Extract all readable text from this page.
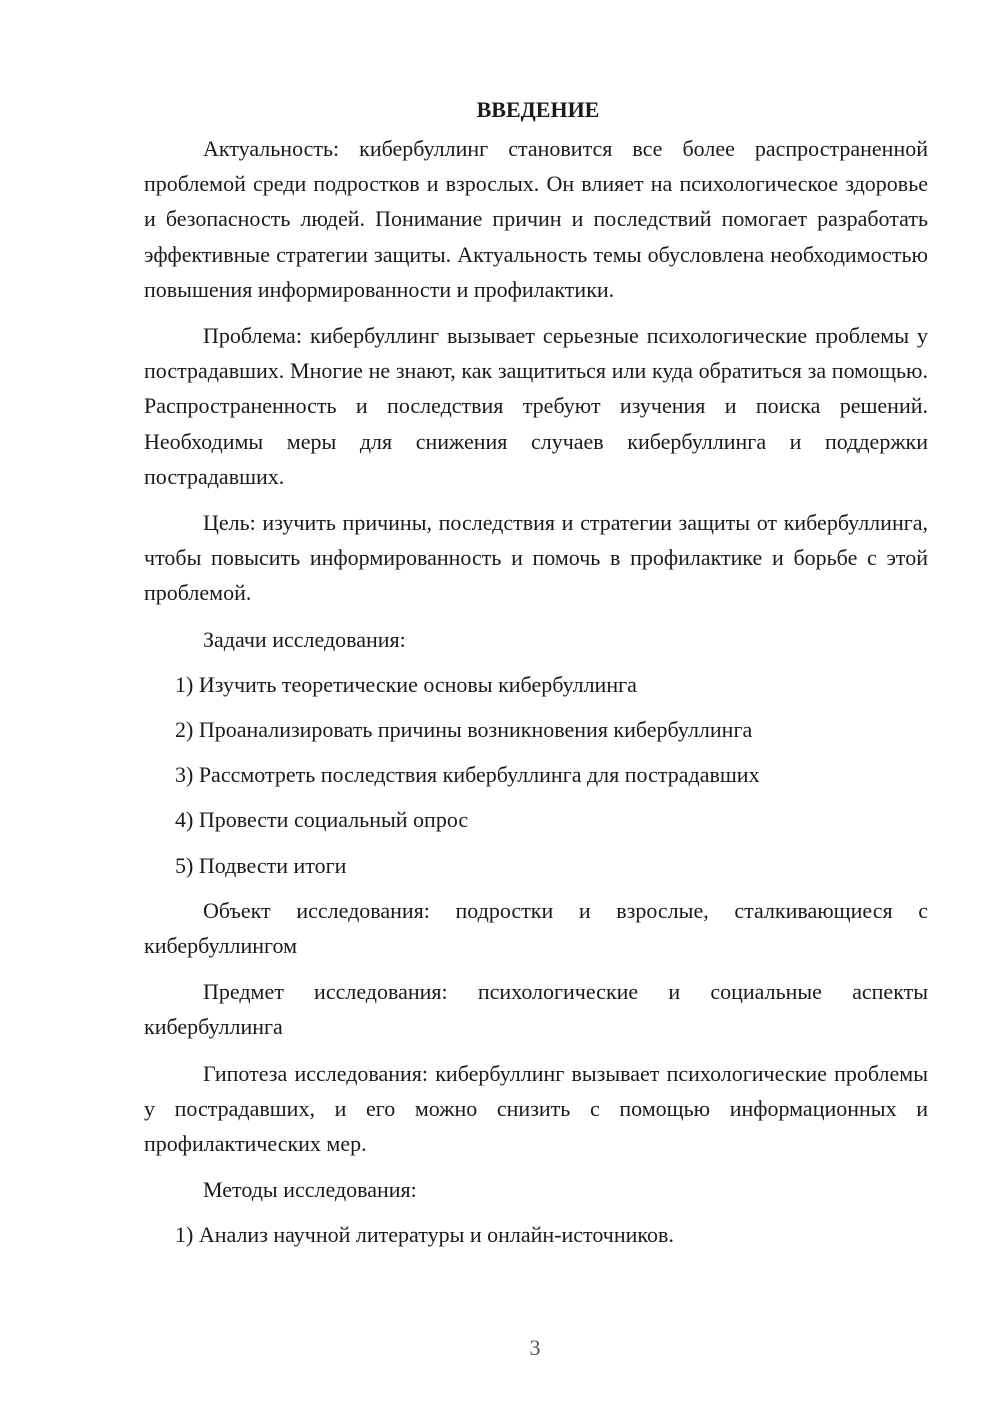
ВВЕДЕНИЕ

Актуальность: кибербуллинг становится все более распространенной проблемой среди подростков и взрослых. Он влияет на психологическое здоровье и безопасность людей. Понимание причин и последствий помогает разработать эффективные стратегии защиты. Актуальность темы обусловлена необходимостью повышения информированности и профилактики.

Проблема: кибербуллинг вызывает серьезные психологические проблемы у пострадавших. Многие не знают, как защититься или куда обратиться за помощью. Распространенность и последствия требуют изучения и поиска решений. Необходимы меры для снижения случаев кибербуллинга и поддержки пострадавших.

Цель: изучить причины, последствия и стратегии защиты от кибербуллинга, чтобы повысить информированность и помочь в профилактике и борьбе с этой проблемой.

Задачи исследования:

1) Изучить теоретические основы кибербуллинга
2) Проанализировать причины возникновения кибербуллинга
3) Рассмотреть последствия кибербуллинга для пострадавших
4) Провести социальный опрос
5) Подвести итоги

Объект исследования: подростки и взрослые, сталкивающиеся с кибербуллингом

Предмет исследования: психологические и социальные аспекты кибербуллинга

Гипотеза исследования: кибербуллинг вызывает психологические проблемы у пострадавших, и его можно снизить с помощью информационных и профилактических мер.

Методы исследования:

1) Анализ научной литературы и онлайн-источников.
3
